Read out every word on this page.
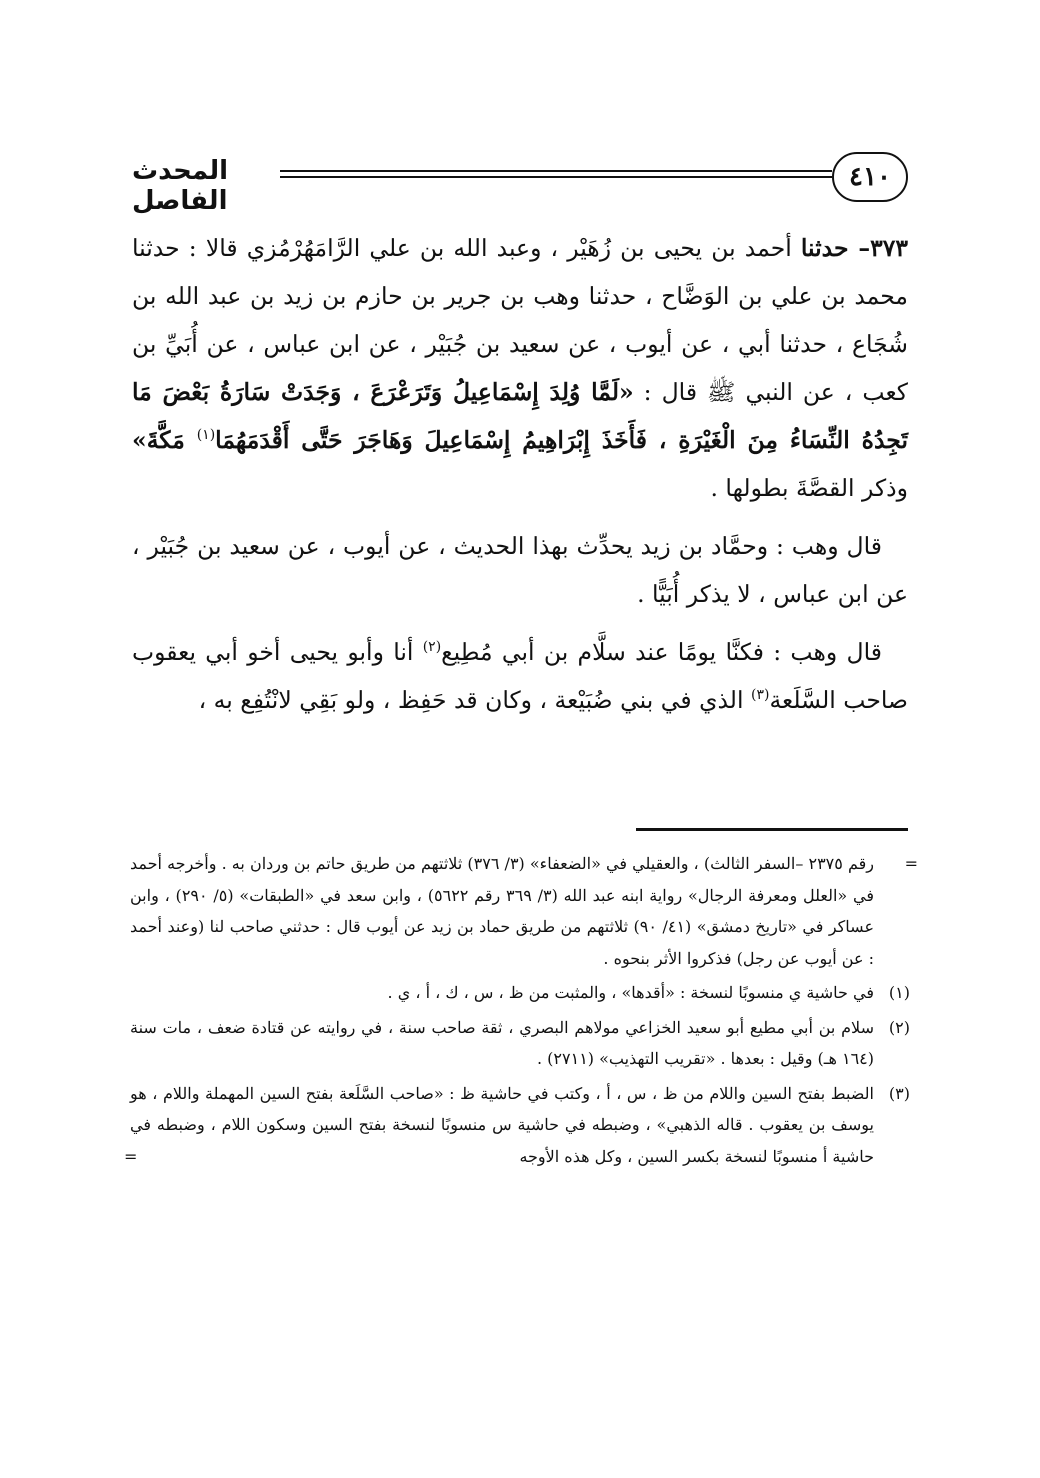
٤١٠
المحدث الفاصل

٣٧٣– حدثنا أحمد بن يحيى بن زُهَيْر ، وعبد الله بن علي الرَّامَهُرْمُزي قالا : حدثنا محمد بن علي بن الوَضَّاح ، حدثنا وهب بن جرير بن حازم بن زيد بن عبد الله بن شُجَاع ، حدثنا أبي ، عن أيوب ، عن سعيد بن جُبَيْر ، عن ابن عباس ، عن أُبَيِّ بن كعب ، عن النبي ﷺ قال : «لَمَّا وُلِدَ إِسْمَاعِيلُ وَتَرَعْرَعَ ، وَجَدَتْ سَارَةُ بَعْضَ مَا تَجِدُهُ النِّسَاءُ مِنَ الْغَيْرَةِ ، فَأَخَذَ إِبْرَاهِيمُ إِسْمَاعِيلَ وَهَاجَرَ حَتَّى أَقْدَمَهُمَا$^{(١)}$ مَكَّةَ» وذكر القصَّةَ بطولها .

قال وهب : وحمَّاد بن زيد يحدِّث بهذا الحديث ، عن أيوب ، عن سعيد بن جُبَيْر ، عن ابن عباس ، لا يذكر أُبَيًّا .

قال وهب : فكنَّا يومًا عند سلَّام بن أبي مُطِيع$^{(٢)}$ أنا وأبو يحيى أخو أبي يعقوب صاحب السَّلَعة$^{(٣)}$ الذي في بني ضُبَيْعة ، وكان قد حَفِظ ، ولو بَقِي لانْتُفِع به ،

=
رقم ٢٣٧٥ –السفر الثالث) ، والعقيلي في «الضعفاء» (٣/ ٣٧٦) ثلاثتهم من طريق حاتم بن وردان به . وأخرجه أحمد في «العلل ومعرفة الرجال» رواية ابنه عبد الله (٣/ ٣٦٩ رقم ٥٦٢٢) ، وابن سعد في «الطبقات» (٥/ ٢٩٠) ، وابن عساكر في «تاريخ دمشق» (٤١/ ٩٠) ثلاثتهم من طريق حماد بن زيد عن أيوب قال : حدثني صاحب لنا (وعند أحمد : عن أيوب عن رجل) فذكروا الأثر بنحوه .

(١)
في حاشية ي منسوبًا لنسخة : «أقدها» ، والمثبت من ظ ، س ، ك ، أ ، ي .

(٢)
سلام بن أبي مطيع أبو سعيد الخزاعي مولاهم البصري ، ثقة صاحب سنة ، في روايته عن قتادة ضعف ، مات سنة (١٦٤ هـ) وقيل : بعدها . «تقريب التهذيب» (٢٧١١) .

(٣)
الضبط بفتح السين واللام من ظ ، س ، أ ، وكتب في حاشية ظ : «صاحب السَّلَعة بفتح السين المهملة واللام ، هو يوسف بن يعقوب . قاله الذهبي» ، وضبطه في حاشية س منسوبًا لنسخة بفتح السين وسكون اللام ، وضبطه في حاشية أ منسوبًا لنسخة بكسر السين ، وكل هذه الأوجه
=
